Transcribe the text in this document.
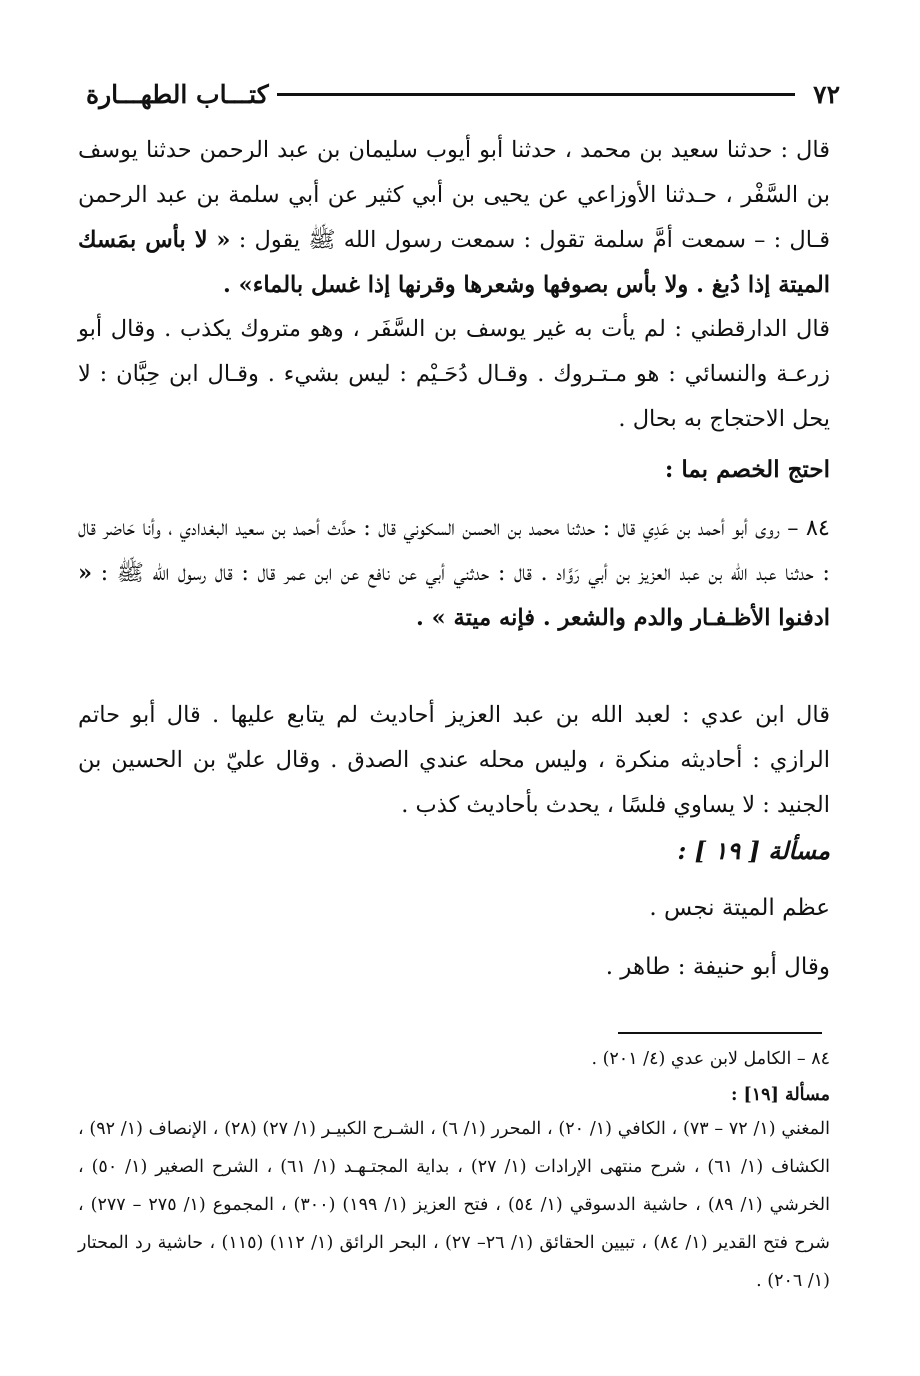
٧٢
كتـــاب الطهـــارة

قال : حدثنا سعيد بن محمد ، حدثنا أبو أيوب سليمان بن عبد الرحمن حدثنا يوسف بن السَّفْر ، حـدثنا الأوزاعي عن يحيى بن أبي كثير عن أبي سلمة بن عبد الرحمن قـال : – سمعت أمَّ سلمة تقول : سمعت رسول الله ﷺ يقول : « لا بأس بمَسك الميتة إذا دُبغ . ولا بأس بصوفها وشعرها وقرنها إذا غسل بالماء» .

قال الدارقطني : لم يأت به غير يوسف بن السَّفَر ، وهو متروك يكذب . وقال أبو زرعـة والنسائي : هو مـتـروك . وقـال دُحَـيْم : ليس بشيء . وقـال ابن حِبَّان : لا يحل الاحتجاج به بحال .

احتج الخصم بما :

٨٤ – روى أبو أحمد بن عَدِي قال : حدثنا محمد بن الحسن السكوني قال : حدَّث أحمد بن سعيد البغدادي ، وأنا حَاضر قال : حدثنا عبد الله بن عبد العزيز بن أبي رَوَّاد . قال : حدثني أبي عن نافع عن ابن عمر قال : قال رسول الله ﷺ : « ادفنوا الأظـفـار والدم والشعر . فإنه ميتة » .

قال ابن عدي : لعبد الله بن عبد العزيز أحاديث لم يتابع عليها . قال أبو حاتم الرازي : أحاديثه منكرة ، وليس محله عندي الصدق . وقال عليّ بن الحسين بن الجنيد : لا يساوي فلسًا ، يحدث بأحاديث كذب .

مسألة [ ١٩ ] :

عظم الميتة نجس .

وقال أبو حنيفة : طاهر .

٨٤ – الكامل لابن عدي (٤/ ٢٠١) .

مسألة [١٩] :

المغني (١/ ٧٢ – ٧٣) ، الكافي (١/ ٢٠) ، المحرر (١/ ٦) ، الشـرح الكبيـر (١/ ٢٧) (٢٨) ، الإنصاف (١/ ٩٢) ، الكشاف (١/ ٦١) ، شرح منتهى الإرادات (١/ ٢٧) ، بداية المجتـهـد (١/ ٦١) ، الشرح الصغير (١/ ٥٠) ، الخرشي (١/ ٨٩) ، حاشية الدسوقي (١/ ٥٤) ، فتح العزيز (١/ ١٩٩) (٣٠٠) ، المجموع (١/ ٢٧٥ – ٢٧٧) ، شرح فتح القدير (١/ ٨٤) ، تبيين الحقائق (١/ ٢٦– ٢٧) ، البحر الرائق (١/ ١١٢) (١١٥) ، حاشية رد المحتار (١/ ٢٠٦) .
